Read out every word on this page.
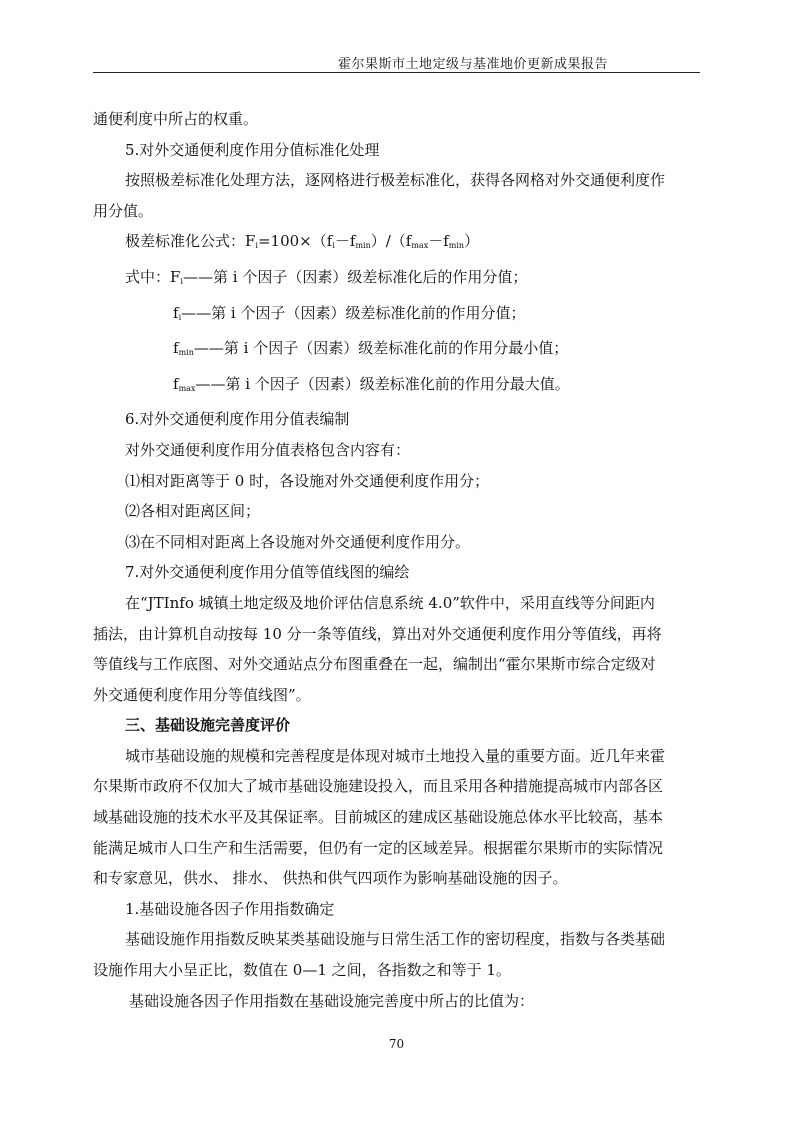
霍尔果斯市土地定级与基准地价更新成果报告

通便利度中所占的权重。

5.对外交通便利度作用分值标准化处理

按照极差标准化处理方法，逐网格进行极差标准化，获得各网格对外交通便利度作

用分值。

极差标准化公式：$F_i=100\times(f_i-f_{min})/(f_{max}-f_{min})$

式中：$F_i——$第 i 个因子（因素）级差标准化后的作用分值；

$f_i——$第 i 个因子（因素）级差标准化前的作用分值；

$f_{min}——$第 i 个因子（因素）级差标准化前的作用分最小值；

$f_{max}——$第 i 个因子（因素）级差标准化前的作用分最大值。

6.对外交通便利度作用分值表编制

对外交通便利度作用分值表格包含内容有：

⑴相对距离等于 0 时，各设施对外交通便利度作用分；

⑵各相对距离区间；

⑶在不同相对距离上各设施对外交通便利度作用分。

7.对外交通便利度作用分值等值线图的编绘

在“JTInfo 城镇土地定级及地价评估信息系统 4.0”软件中，采用直线等分间距内

插法，由计算机自动按每 10 分一条等值线，算出对外交通便利度作用分等值线，再将

等值线与工作底图、对外交通站点分布图重叠在一起，编制出“霍尔果斯市综合定级对

外交通便利度作用分等值线图”。

三、基础设施完善度评价

城市基础设施的规模和完善程度是体现对城市土地投入量的重要方面。近几年来霍

尔果斯市政府不仅加大了城市基础设施建设投入，而且采用各种措施提高城市内部各区

域基础设施的技术水平及其保证率。目前城区的建成区基础设施总体水平比较高，基本

能满足城市人口生产和生活需要，但仍有一定的区域差异。根据霍尔果斯市的实际情况

和专家意见，供水、 排水、 供热和供气四项作为影响基础设施的因子。

1.基础设施各因子作用指数确定

基础设施作用指数反映某类基础设施与日常生活工作的密切程度，指数与各类基础

设施作用大小呈正比，数值在 0—1 之间，各指数之和等于 1。

基础设施各因子作用指数在基础设施完善度中所占的比值为：

70
